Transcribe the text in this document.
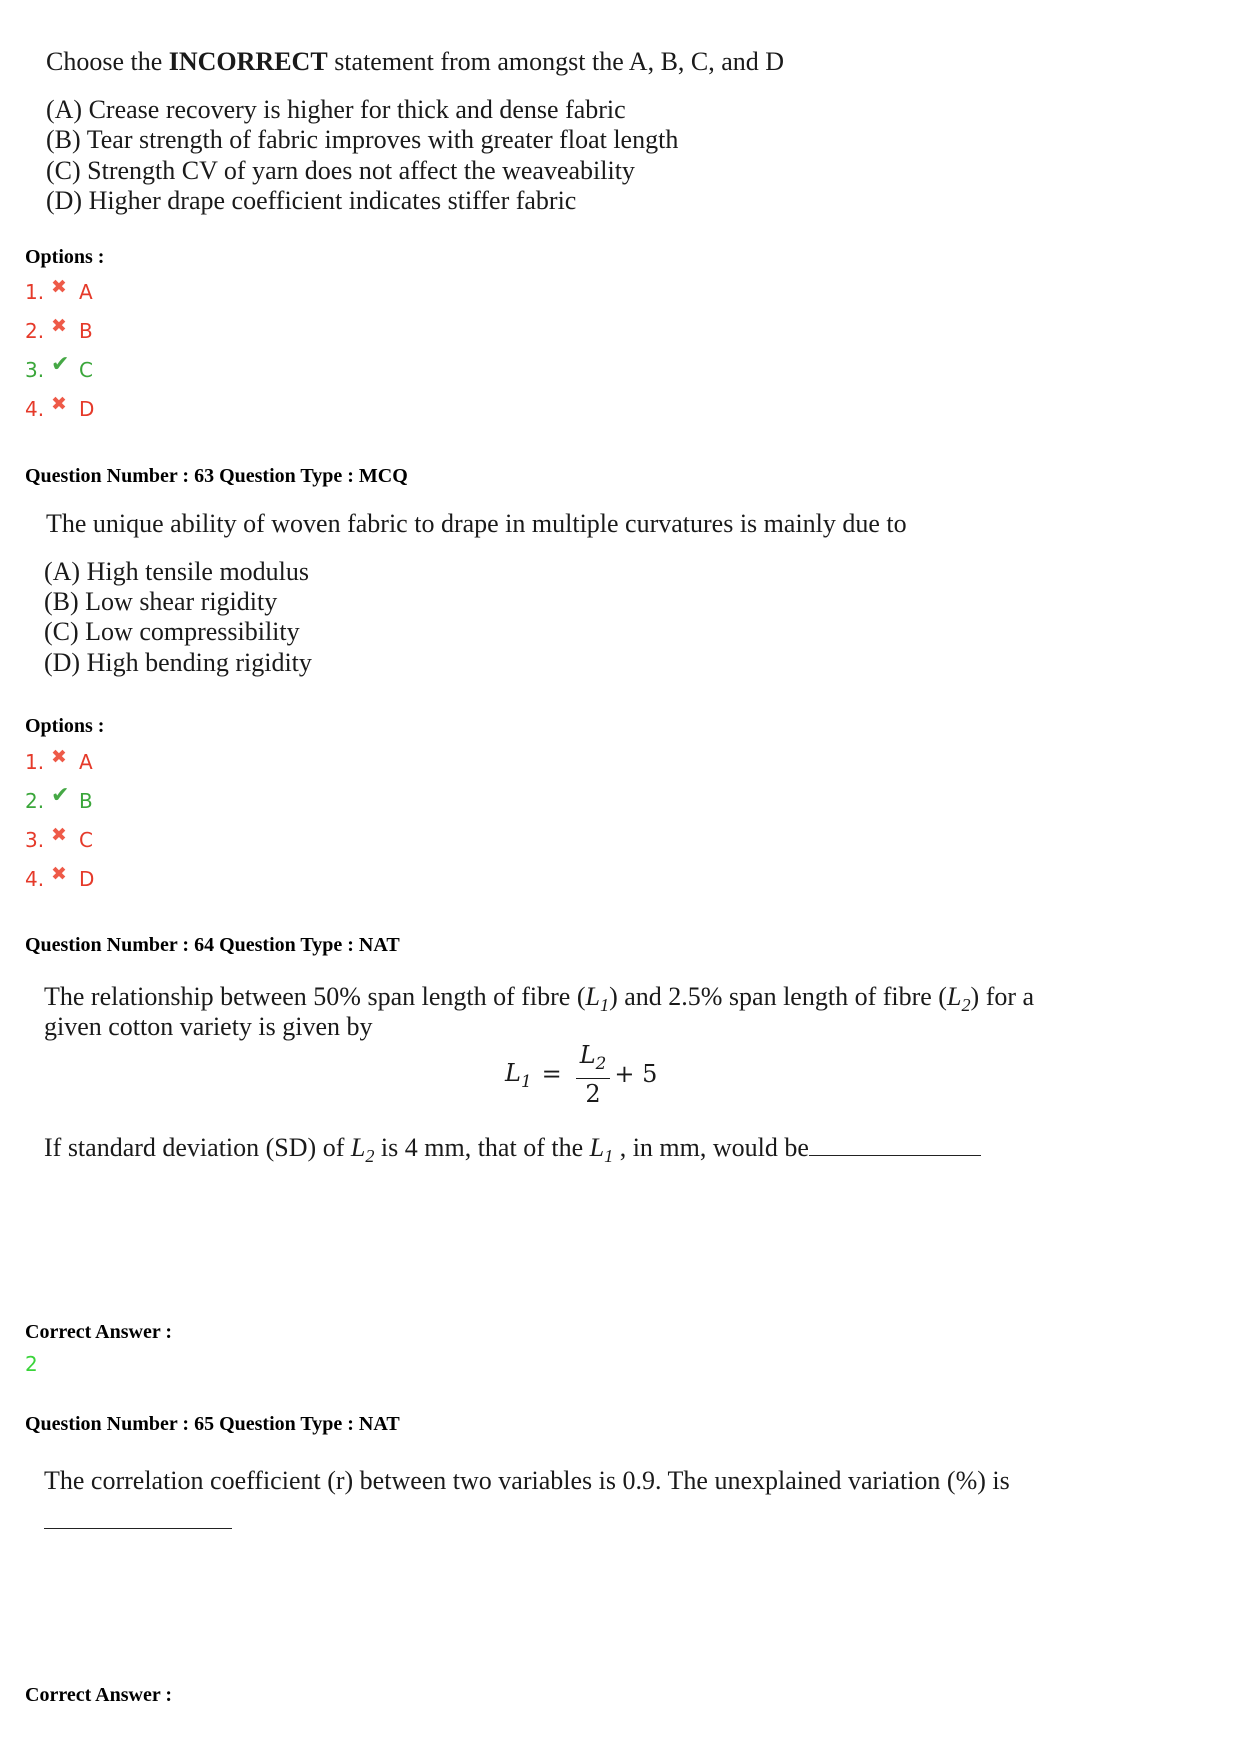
Choose the INCORRECT statement from amongst the A, B, C, and D
(A) Crease recovery is higher for thick and dense fabric
(B) Tear strength of fabric improves with greater float length
(C) Strength CV of yarn does not affect the weaveability
(D) Higher drape coefficient indicates stiffer fabric
Options :
1. ✖ A
2. ✖ B
3. ✔ C
4. ✖ D
Question Number : 63 Question Type : MCQ
The unique ability of woven fabric to drape in multiple curvatures is mainly due to
(A) High tensile modulus
(B) Low shear rigidity
(C) Low compressibility
(D) High bending rigidity
Options :
1. ✖ A
2. ✔ B
3. ✖ C
4. ✖ D
Question Number : 64 Question Type : NAT
The relationship between 50% span length of fibre $(L_1)$ and 2.5% span length of fibre $(L_2)$ for a
given cotton variety is given by
$L_1 = \frac{L_2}{2} + 5$
If standard deviation (SD) of $L_2$ is 4 mm, that of the $L_1$ , in mm, would be
Correct Answer :
2
Question Number : 65 Question Type : NAT
The correlation coefficient (r) between two variables is 0.9. The unexplained variation (%) is
Correct Answer :
